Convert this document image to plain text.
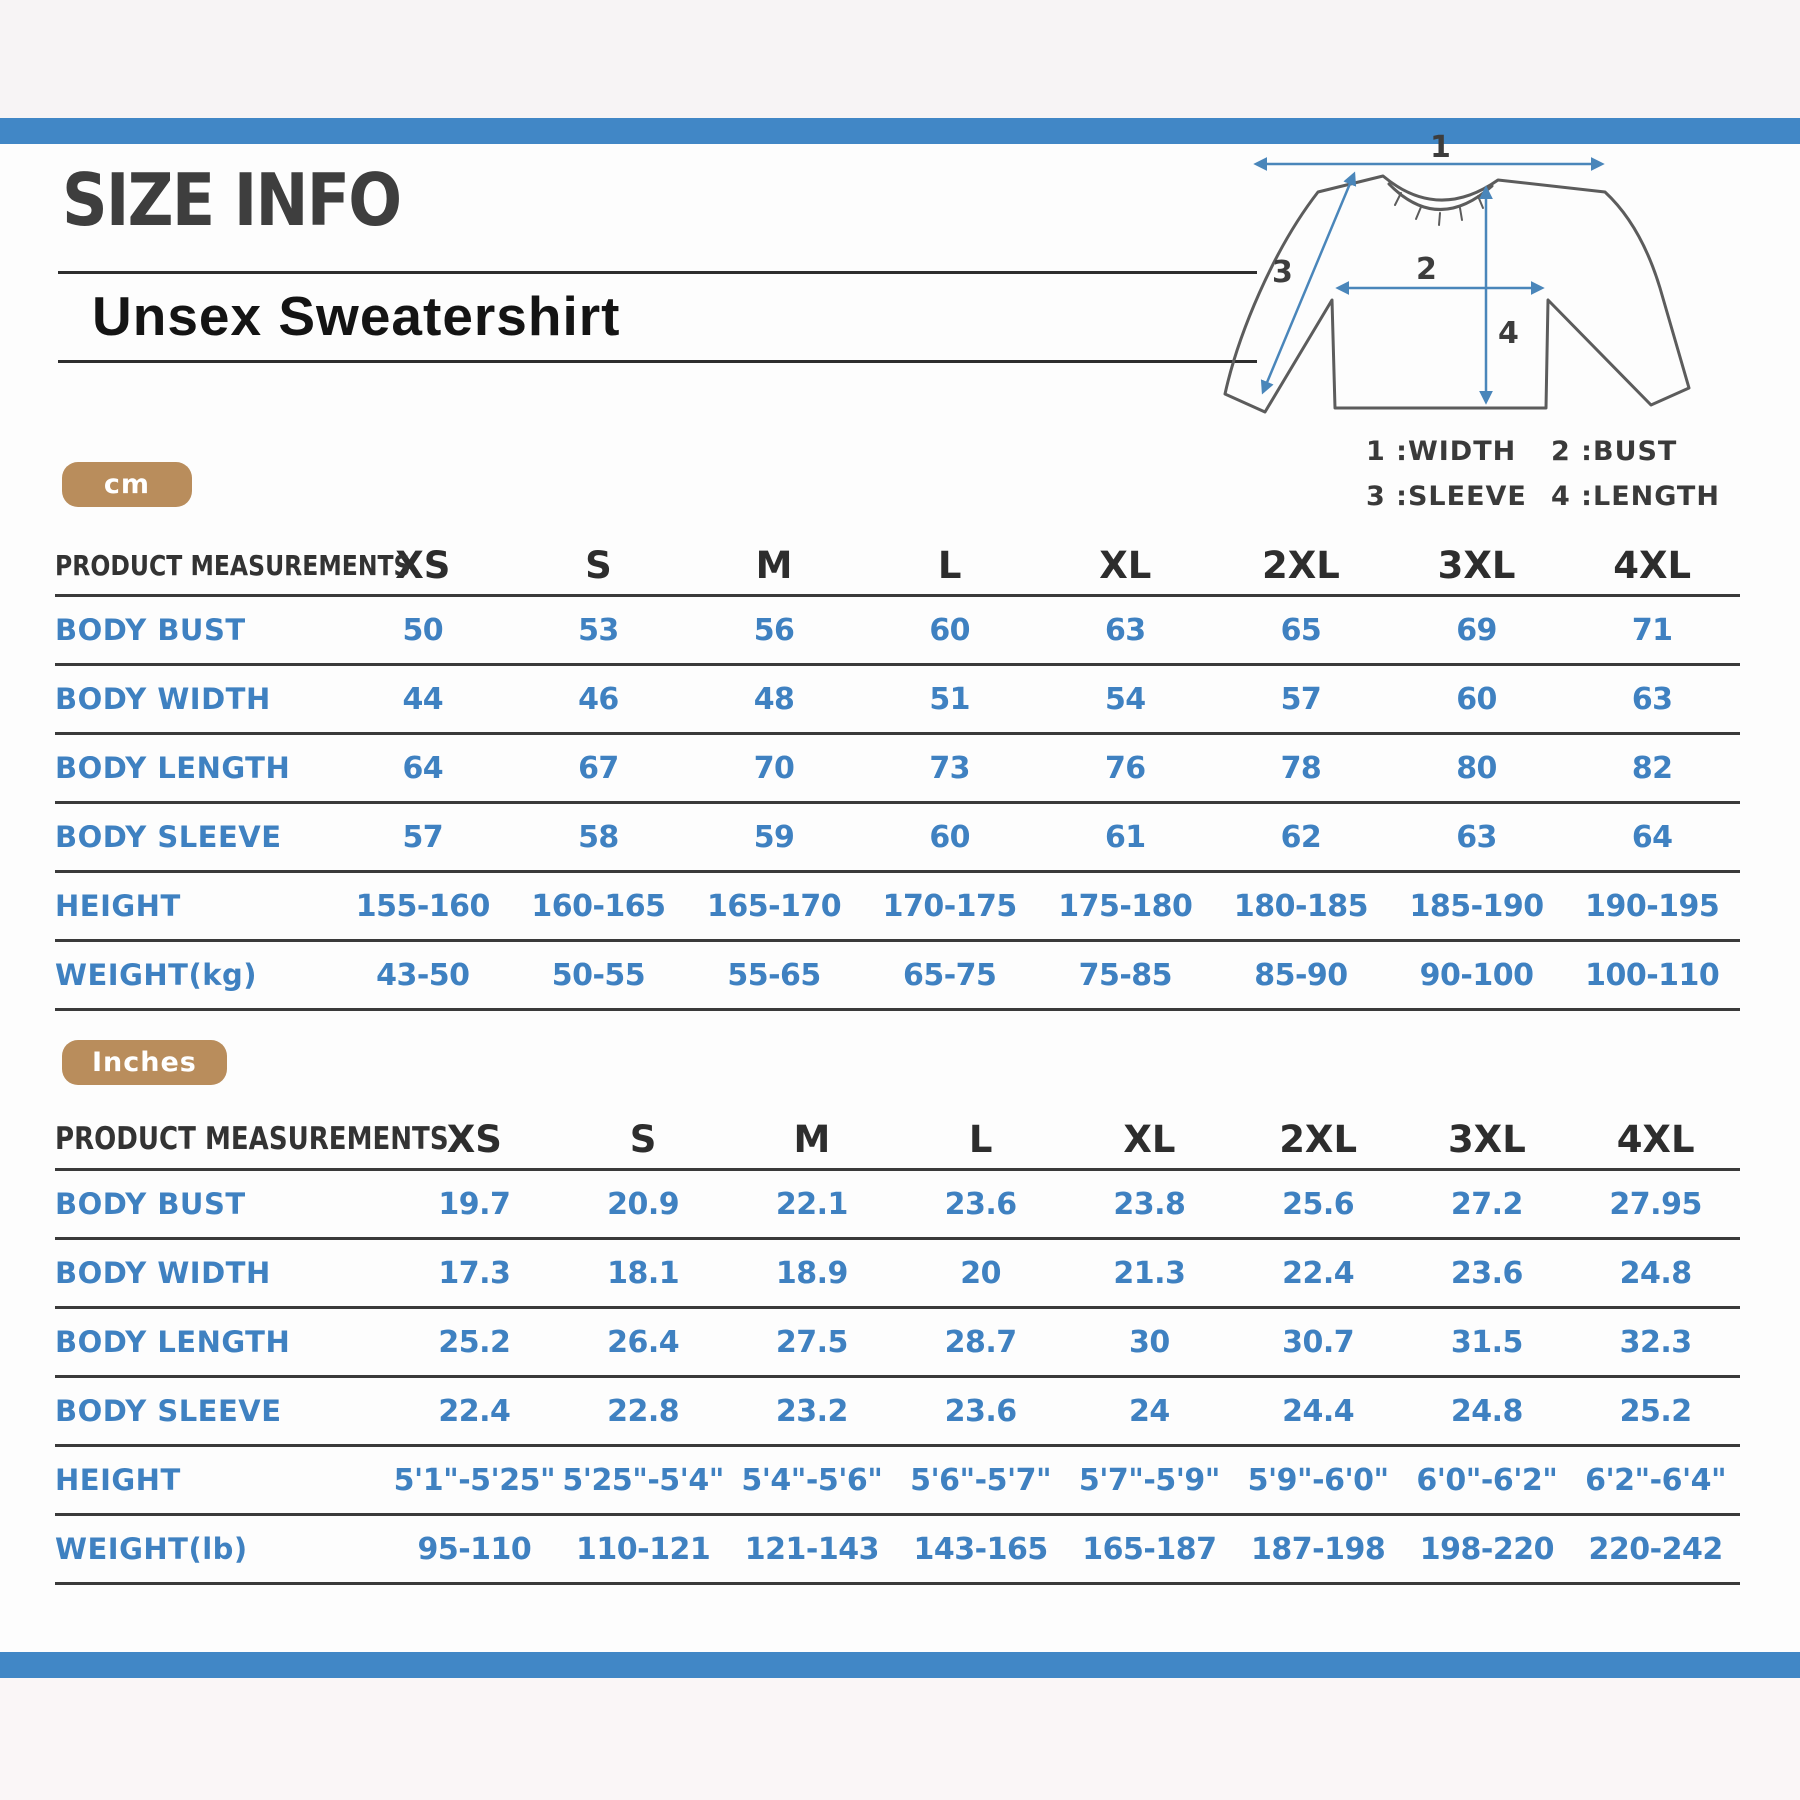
SIZE INFO
Unsex Sweatershirt
1
2
3
4
1 :WIDTH	2 :BUST
3 :SLEEVE 4 :LENGTH
cm
PRODUCT MEASUREMENTS
XS	S	M	L	XL	2XL	3XL	4XL
BODY BUST	50	53	56	60	63	65	69	71
BODY WIDTH	44	46	48	51	54	57	60	63
BODY LENGTH	64	67	70	73	76	78	80	82
BODY SLEEVE	57	58	59	60	61	62	63	64
HEIGHT	155-160	160-165	165-170	170-175	175-180	180-185	185-190	190-195
WEIGHT(kg)	43-50	50-55	55-65	65-75	75-85	85-90	90-100	100-110
Inches
PRODUCT MEASUREMENTS
XS	S	M	L	XL	2XL	3XL	4XL
BODY BUST	19.7	20.9	22.1	23.6	23.8	25.6	27.2	27.95
BODY WIDTH	17.3	18.1	18.9	20	21.3	22.4	23.6	24.8
BODY LENGTH	25.2	26.4	27.5	28.7	30	30.7	31.5	32.3
BODY SLEEVE	22.4	22.8	23.2	23.6	24	24.4	24.8	25.2
HEIGHT	5'1"-5'25" 5'25"-5'4" 5'4"-5'6" 5'6"-5'7" 5'7"-5'9" 5'9"-6'0" 6'0"-6'2" 6'2"-6'4"
WEIGHT(lb)	95-110	110-121	121-143	143-165	165-187	187-198	198-220	220-242
